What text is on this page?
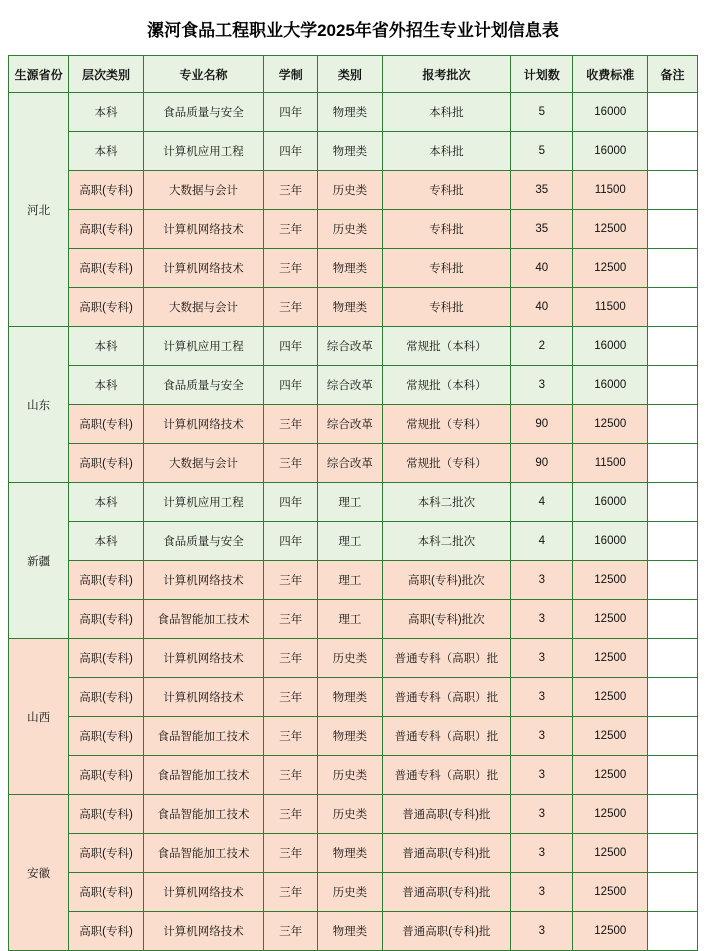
漯河食品工程职业大学2025年省外招生专业计划信息表
生源省份	层次类别	专业名称	学制	类别	报考批次	计划数	收费标准	备注
河北	本科	食品质量与安全	四年	物理类	本科批	5	16000	
	本科	计算机应用工程	四年	物理类	本科批	5	16000	
	高职(专科)	大数据与会计	三年	历史类	专科批	35	11500	
	高职(专科)	计算机网络技术	三年	历史类	专科批	35	12500	
	高职(专科)	计算机网络技术	三年	物理类	专科批	40	12500	
	高职(专科)	大数据与会计	三年	物理类	专科批	40	11500	
山东	本科	计算机应用工程	四年	综合改革	常规批（本科）	2	16000	
	本科	食品质量与安全	四年	综合改革	常规批（本科）	3	16000	
	高职(专科)	计算机网络技术	三年	综合改革	常规批（专科）	90	12500	
	高职(专科)	大数据与会计	三年	综合改革	常规批（专科）	90	11500	
新疆	本科	计算机应用工程	四年	理工	本科二批次	4	16000	
	本科	食品质量与安全	四年	理工	本科二批次	4	16000	
	高职(专科)	计算机网络技术	三年	理工	高职(专科)批次	3	12500	
	高职(专科)	食品智能加工技术	三年	理工	高职(专科)批次	3	12500	
山西	高职(专科)	计算机网络技术	三年	历史类	普通专科（高职）批	3	12500	
	高职(专科)	计算机网络技术	三年	物理类	普通专科（高职）批	3	12500	
	高职(专科)	食品智能加工技术	三年	物理类	普通专科（高职）批	3	12500	
	高职(专科)	食品智能加工技术	三年	历史类	普通专科（高职）批	3	12500	
安徽	高职(专科)	食品智能加工技术	三年	历史类	普通高职(专科)批	3	12500	
	高职(专科)	食品智能加工技术	三年	物理类	普通高职(专科)批	3	12500	
	高职(专科)	计算机网络技术	三年	历史类	普通高职(专科)批	3	12500	
	高职(专科)	计算机网络技术	三年	物理类	普通高职(专科)批	3	12500	
